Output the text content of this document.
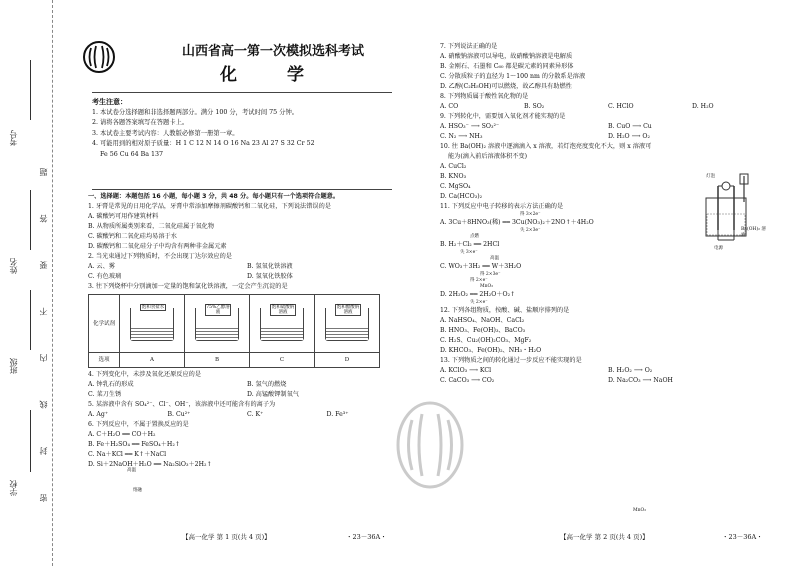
考号
姓名
班级
学校	密 封 线 内 不 要 答 题
山西省高一第一次模拟选科考试
化 学
考生注意：
1. 本试卷分选择题和非选择题两部分。满分 100 分，考试时间 75 分钟。
2. 请将各题答案填写在答题卡上。
3. 本试卷主要考试内容：人教版必修第一册第一章。
4. 可能用到的相对原子质量：H 1 C 12 N 14 O 16 Na 23 Al 27 S 32 Cr 52
Fe 56 Cu 64 Ba 137

一、选择题：本题包括 16 小题，每小题 3 分，共 48 分。每小题只有一个选项符合题意。

1. 牙膏是常见的日用化学品，牙膏中常添加摩擦剂碳酸钙和二氧化硅，下列说法错误的是

A. 碳酸钙可用作建筑材料

B. 从物质所属类别来看，二氧化硅属于氧化物

C. 碳酸钙和二氧化硅均易溶于水

D. 碳酸钙和二氧化硅分子中均含有两种非金属元素

2. 当光束通过下列物质时，不会出现丁达尔效应的是

A. 云、雾	B. 氢氧化铁溶液
C. 有色玻璃	D. 氢氧化铁胶体

3. 往下列烧杯中分别滴加一定量的饱和氯化铁溶液，一定会产生沉淀的是

化学试剂	饱和食盐水	75%乙醇溶液	饱和硫酸钠溶液	饱和醋酸钠溶液

选项	A	B	C	D

4. 下列变化中，未涉及氧化还原反应的是

A. 钟乳石的形成	B. 氢气的燃烧
C. 菜刀生锈	D. 高锰酸钾制氧气

5. 某溶液中含有 SO₄²⁻、Cl⁻、OH⁻，该溶液中还可能含有的离子为

A. Ag⁺	B. Cu²⁺	C. K⁺	D. Fe³⁺

6. 下列反应中，不属于置换反应的是

A. C＋H₂O ══ CO＋H₂

B. Fe＋H₂SO₄ ══ FeSO₄＋H₂↑

C. Na＋KCl ══ K↑＋NaCl

D. Si＋2NaOH＋H₂O ══ Na₂SiO₃＋2H₂↑

高温
熔融
【高一化学 第 1 页(共 4 页)】	・23－36A・

7. 下列说法正确的是

A. 硝酸钠溶液可以导电，故硝酸钠溶液是电解质

B. 金刚石、石墨和 C₆₀ 都是碳元素的同素异形体

C. 分散质粒子的直径为 1～100 nm 的分散系是溶液

D. 乙醇(C₂H₅OH)可以燃烧，故乙醇具有助燃性

8. 下列物质属于酸性氧化物的是

A. CO	B. SO₂	C. HClO	D. H₂O

9. 下列转化中，需要加入氧化剂才能实现的是

A. HSO₃⁻ ⟶ SO₃²⁻	B. CuO ⟶ Cu
C. N₂ ⟶ NH₃	D. H₂O ⟶ O₂

10. 往 Ba(OH)₂ 溶液中逐滴滴入 x 溶液，若灯泡亮度变化不大，则 x 溶液可

能为(滴入前后溶液体积不变)

A. CuCl₂

B. KNO₃

C. MgSO₄

D. Ca(HCO₃)₂

11. 下列反应中电子转移的表示方法正确的是

得 3×2e⁻

A. 3Cu＋8HNO₃(稀) ══ 3Cu(NO₃)₂＋2NO↑＋4H₂O

失 2×3e⁻

点燃

B. H₂＋Cl₂ ══ 2HCl

失 3×e⁻

高温

C. WO₃＋3H₂ ══ W＋3H₂O

得 2×3e⁻

得 2×e⁻

MnO₂

D. 2H₂O₂ ══ 2H₂O＋O₂↑

失 2×e⁻

12. 下列各组物质，按酸、碱、盐顺序排列的是

A. NaHSO₄、NaOH、CaCl₂

B. HNO₃、Fe(OH)₃、BaCO₃

C. H₂S、Cu₂(OH)₂CO₃、MgF₂

D. KHCO₃、Fe(OH)₂、NH₃・H₂O

13. 下列物质之间的转化通过一步反应不能实现的是

A. KClO₃ ⟶ KCl	B. H₂O₂ ⟶ O₂
C. CaCO₃ ⟶ CO₂	D. Na₂CO₃ ⟶ NaOH
MnO₂
灯泡
Ba(OH)₂ 溶液
电源
【高一化学 第 2 页(共 4 页)】	・23－36A・
